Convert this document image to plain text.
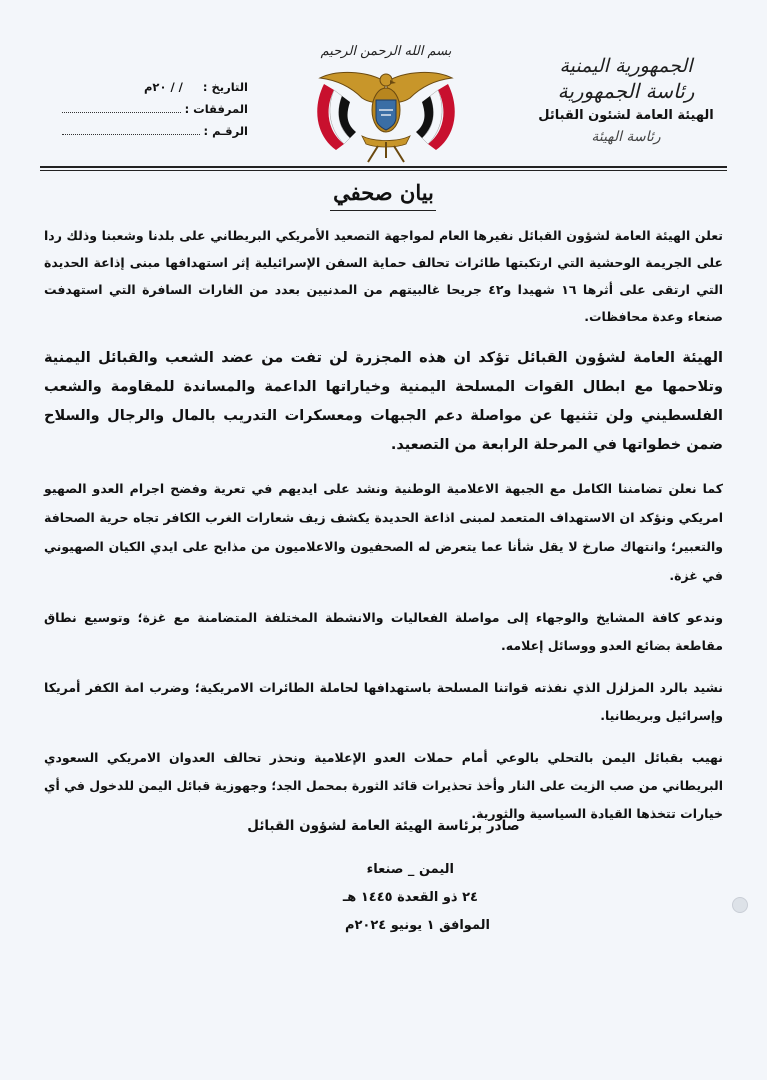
الجمهورية اليمنية
رئاسة الجمهورية
الهيئة العامة لشئون القبائل
رئاسة الهيئة
بسم الله الرحمن الرحيم
التاريخ :
/ / ٢٠م
المرفقات :
الرقـم :
بيان صحفي

تعلن الهيئة العامة لشؤون القبائل نفيرها العام لمواجهة التصعيد الأمريكي البريطاني على بلدنا وشعبنا وذلك ردا على الجريمة الوحشية التي ارتكبتها طائرات تحالف حماية السفن الإسرائيلية إثر استهدافها مبنى إذاعة الحديدة التي ارتقى على أثرها ١٦ شهيدا و٤٢ جريحا غالبيتهم من المدنيين بعدد من الغارات السافرة التي استهدفت صنعاء وعدة محافظات.

الهيئة العامة لشؤون القبائل تؤكد ان هذه المجزرة لن تفت من عضد الشعب والقبائل اليمنية وتلاحمها مع ابطال القوات المسلحة اليمنية وخياراتها الداعمة والمساندة للمقاومة والشعب الفلسطيني ولن تثنيها عن مواصلة دعم الجبهات ومعسكرات التدريب بالمال والرجال والسلاح ضمن خطواتها في المرحلة الرابعة من التصعيد.

كما نعلن تضامننا الكامل مع الجبهة الاعلامية الوطنية ونشد على ايديهم في تعرية وفضح اجرام العدو الصهيو امريكي ونؤكد ان الاستهداف المتعمد لمبنى اذاعة الحديدة يكشف زيف شعارات الغرب الكافر تجاه حرية الصحافة والتعبير؛ وانتهاك صارخ لا يقل شأنا عما يتعرض له الصحفيون والاعلاميون من مذابح على ايدي الكيان الصهيوني في غزة.

وندعو كافة المشايخ والوجهاء إلى مواصلة الفعاليات والانشطة المختلفة المتضامنة مع غزة؛ وتوسيع نطاق مقاطعة بضائع العدو ووسائل إعلامه.

نشيد بالرد المزلزل الذي نفذته قواتنا المسلحة باستهدافها لحاملة الطائرات الامريكية؛ وضرب امة الكفر أمريكا وإسرائيل وبريطانيا.

نهيب بقبائل اليمن بالتحلي بالوعي أمام حملات العدو الإعلامية ونحذر تحالف العدوان الامريكي السعودي البريطاني من صب الزيت على النار وأخذ تحذيرات قائد الثورة بمحمل الجد؛ وجهوزية قبائل اليمن للدخول في أي خيارات تتخذها القيادة السياسية والثورية.

صادر برئاسة الهيئة العامة لشؤون القبائل
اليمن _ صنعاء
٢٤ ذو القعدة ١٤٤٥ هـ
الموافق ١ يونيو ٢٠٢٤م
